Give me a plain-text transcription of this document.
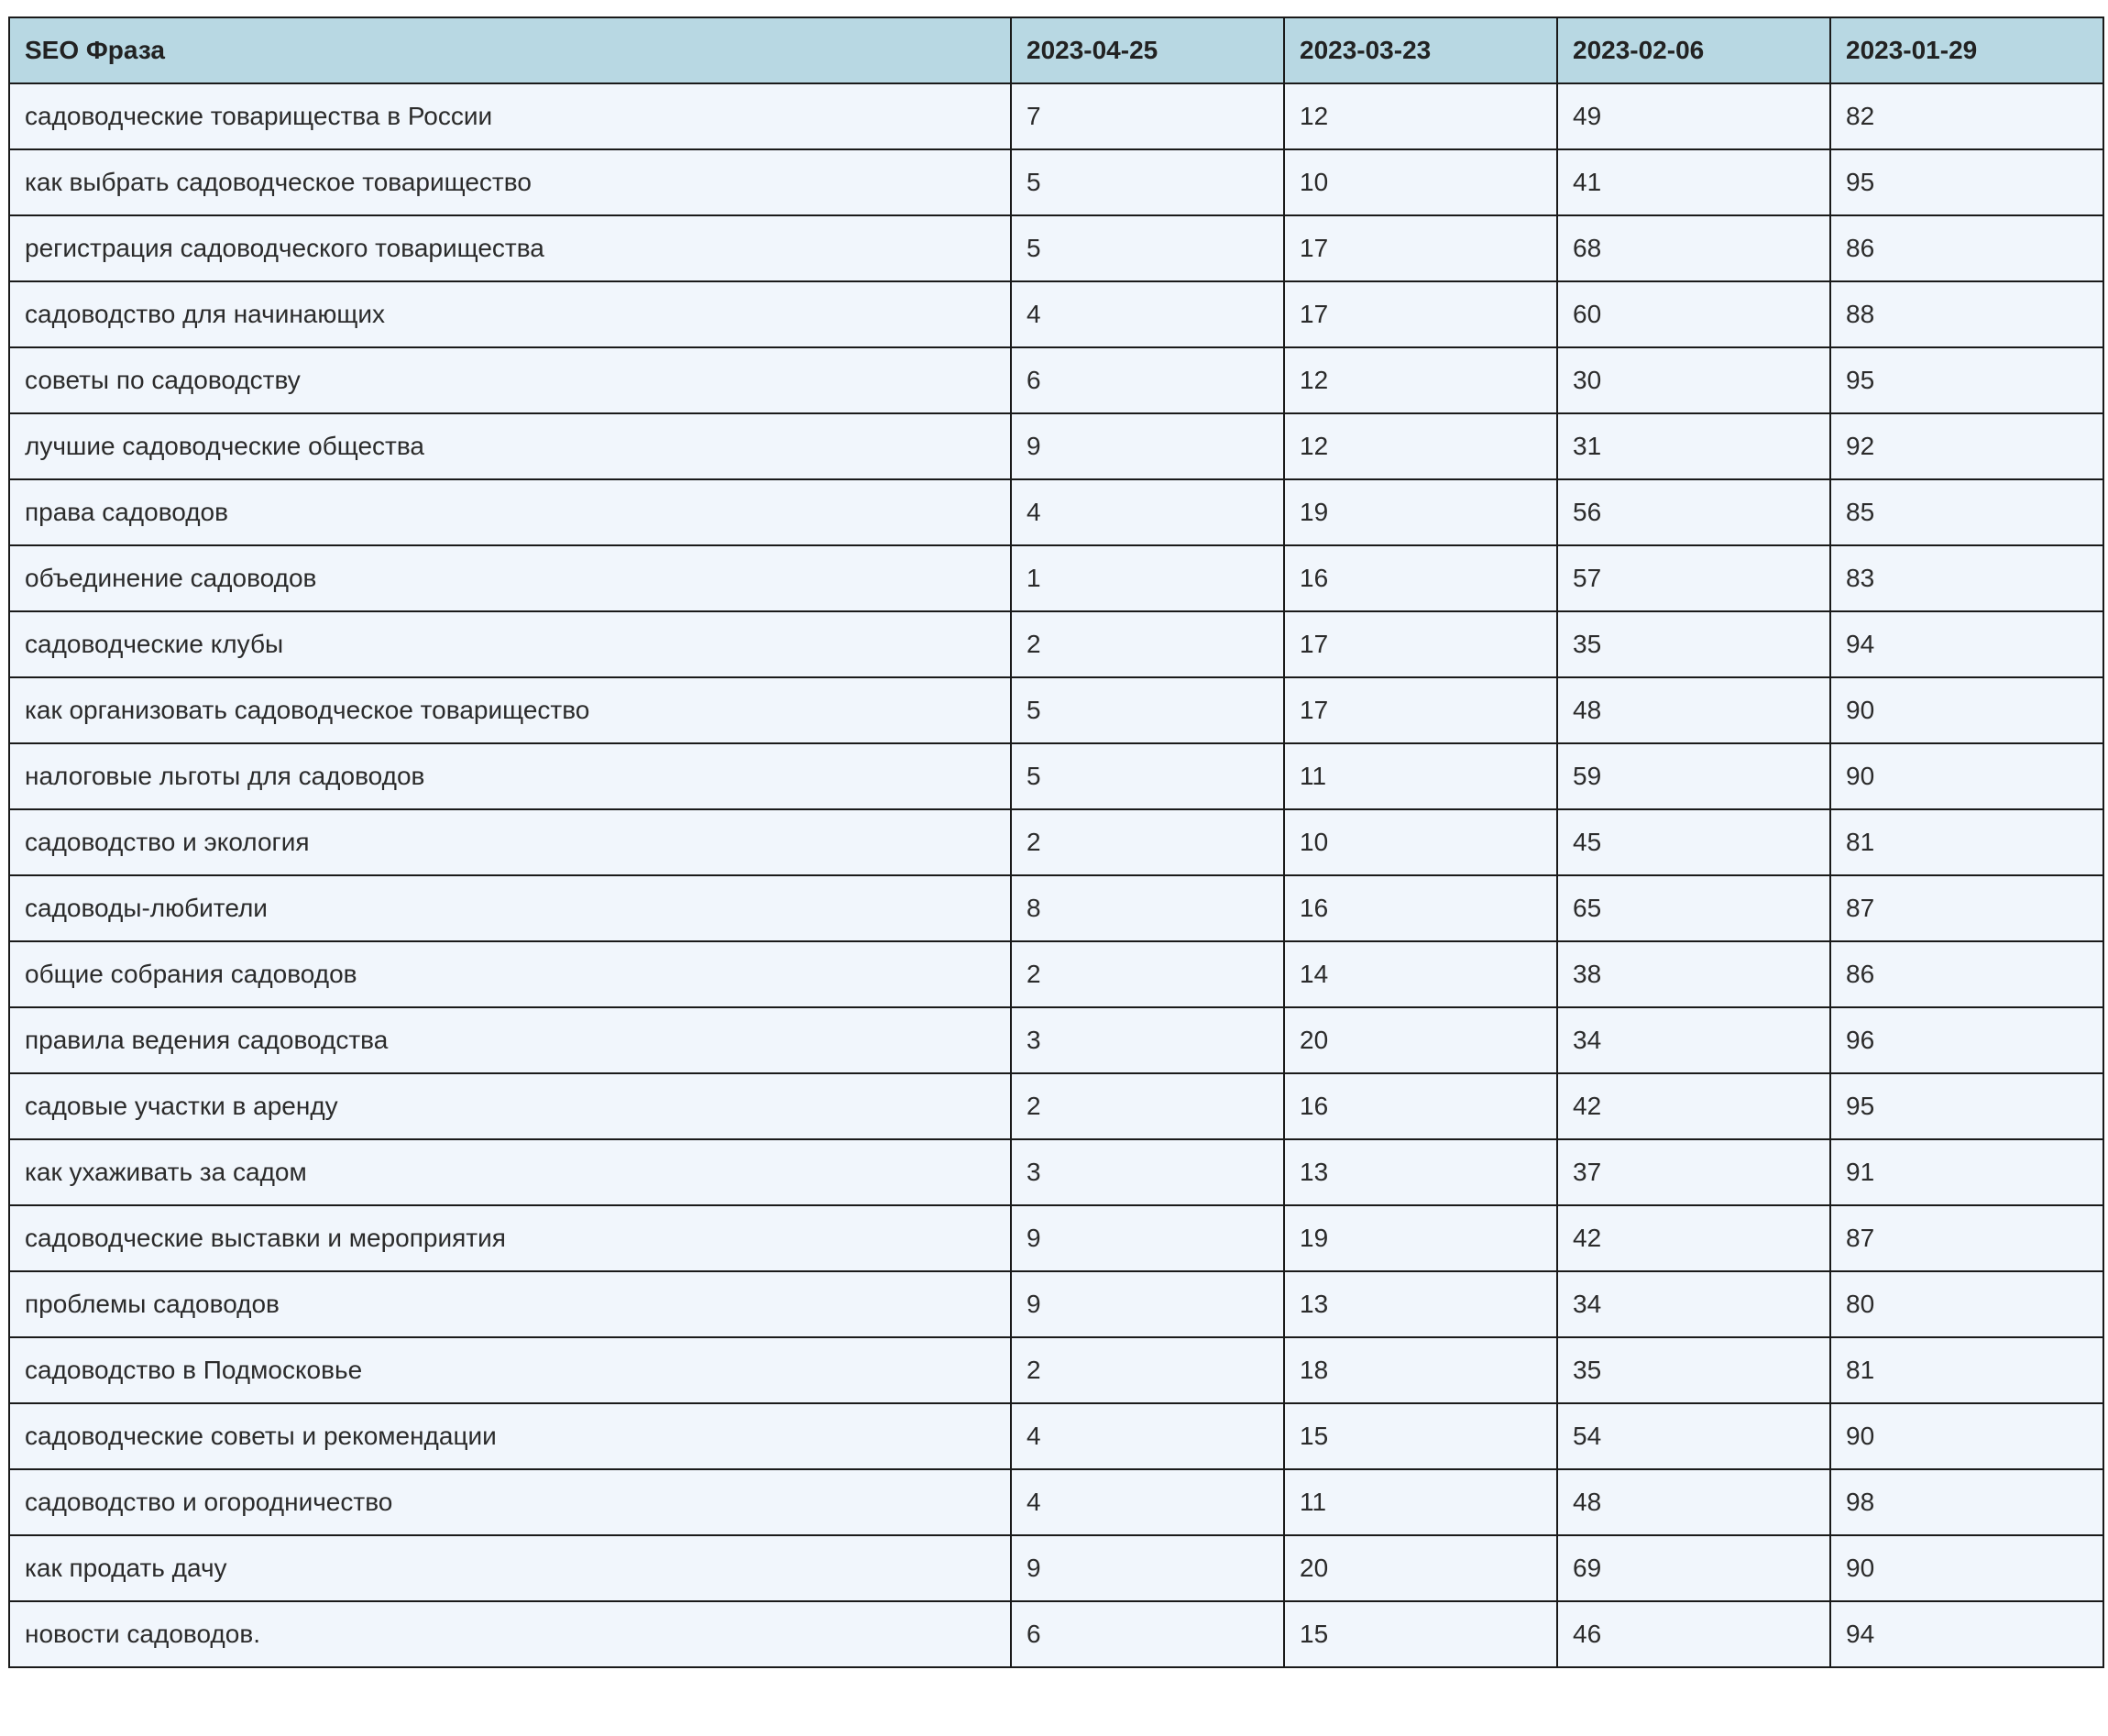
SEO Фраза	2023-04-25	2023-03-23	2023-02-06	2023-01-29
садоводческие товарищества в России	7	12	49	82
как выбрать садоводческое товарищество	5	10	41	95
регистрация садоводческого товарищества	5	17	68	86
садоводство для начинающих	4	17	60	88
советы по садоводству	6	12	30	95
лучшие садоводческие общества	9	12	31	92
права садоводов	4	19	56	85
объединение садоводов	1	16	57	83
садоводческие клубы	2	17	35	94
как организовать садоводческое товарищество	5	17	48	90
налоговые льготы для садоводов	5	11	59	90
садоводство и экология	2	10	45	81
садоводы-любители	8	16	65	87
общие собрания садоводов	2	14	38	86
правила ведения садоводства	3	20	34	96
садовые участки в аренду	2	16	42	95
как ухаживать за садом	3	13	37	91
садоводческие выставки и мероприятия	9	19	42	87
проблемы садоводов	9	13	34	80
садоводство в Подмосковье	2	18	35	81
садоводческие советы и рекомендации	4	15	54	90
садоводство и огородничество	4	11	48	98
как продать дачу	9	20	69	90
новости садоводов.	6	15	46	94
